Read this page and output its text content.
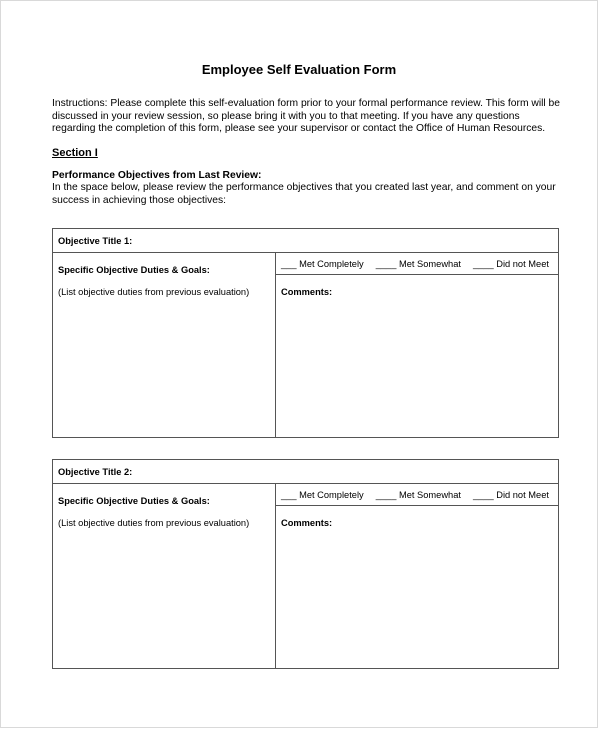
Employee Self Evaluation Form
Instructions: Please complete this self-evaluation form prior to your formal performance review. This form will be discussed in your review session, so please bring it with you to that meeting. If you have any questions regarding the completion of this form, please see your supervisor or contact the Office of Human Resources.
Section I
Performance Objectives from Last Review:
In the space below, please review the performance objectives that you created last year, and comment on your success in achieving those objectives:
Objective Title 1:
Specific Objective Duties & Goals:
(List objective duties from previous evaluation)
___ Met Completely ____ Met Somewhat ____ Did not Meet
Comments:
Objective Title 2:
Specific Objective Duties & Goals:
(List objective duties from previous evaluation)
___ Met Completely ____ Met Somewhat ____ Did not Meet
Comments:
